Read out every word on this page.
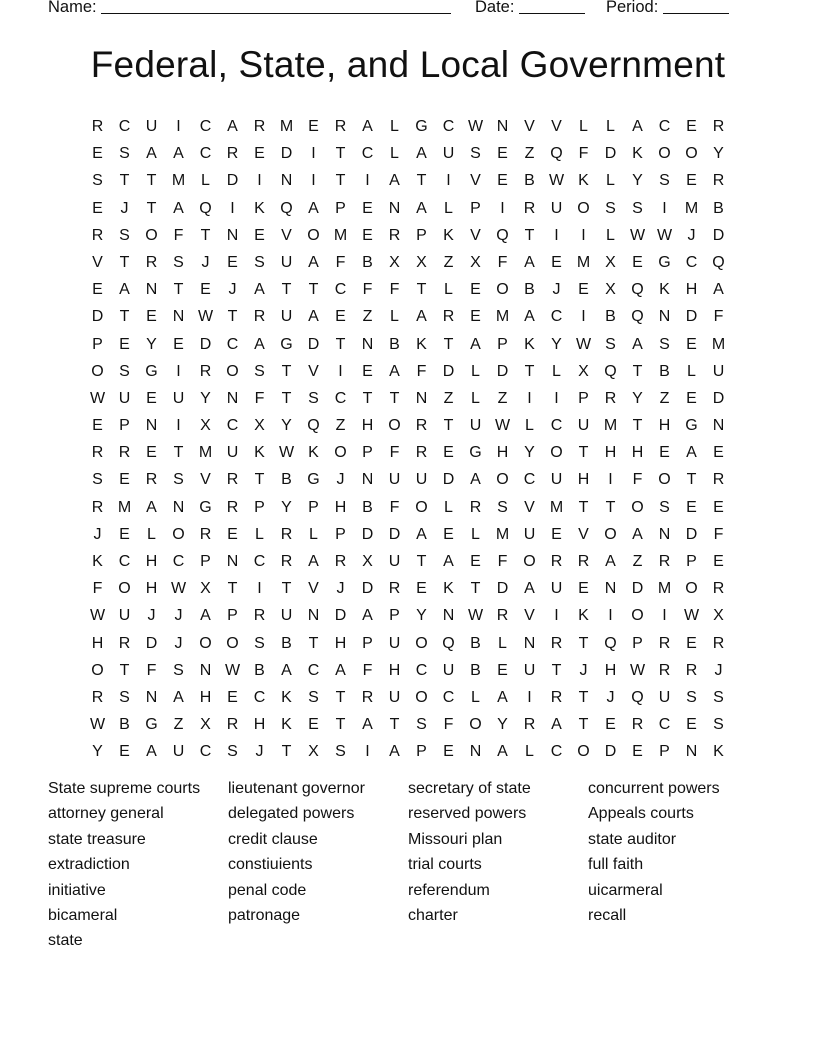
Name:	Date:	Period:
Federal, State, and Local Government
R C U	I	C A R M E R A	L	G C W N V	V	L	L	A C E R
E	S	A	A C R E D	I	T	C	L	A U S	E	Z Q F	D K O O Y
S	T	T M L	D	I	N	I	T	I	A	T	I	V	E	B W K	L	Y	S	E R
E	J	T	A Q	I	K Q A	P	E N A	L	P	I	R U O S	S	I	M B
R S O F	T	N E	V O M E R P	K	V Q T	I	I	L W W J	D
V	T	R S	J	E	S U A	F	B	X	X	Z	X	F	A	E M X	E G C Q
E	A N	T	E	J	A	T	T	C	F	F	T	L	E O B	J	E	X Q K H A
D	T	E N W T	R U A	E	Z	L	A R E M A C	I	B Q N D	F
P	E	Y	E D C A G D	T	N B	K	T	A	P	K	Y W S	A	S	E M
O S G	I	R O S	T	V	I	E	A	F	D	L	D	T	L	X Q T	B	L	U
W U E U Y N	F	T	S C	T	T	N	Z	L	Z	I	I	P R Y	Z	E D
E	P N	I	X C X	Y Q Z	H O R	T	U W L	C U M T	H G N
R R E	T M U K W K O P	F	R E G H Y O T	H H E	A	E
S	E R S	V R	T	B G	J	N U U D A O C U H	I	F O T	R
R M A N G R P	Y	P H B	F O	L	R S	V M T	T O S	E	E
J	E	L	O R E	L	R	L	P D D A	E	L M U E	V O A N D	F
K C H C P N C R A R X U	T	A	E	F O R R A	Z	R P	E
F O H W X	T	I	T	V	J	D R E	K	T	D A U E N D M O R
W U	J	J	A	P R U N D A	P	Y N W R V	I	K	I	O	I	W X
H R D	J	O O S	B	T	H P U O Q B	L	N R	T Q P R E R
O T	F	S N W B	A C A	F	H C U B	E U	T	J	H W R R	J
R S N A H E C K	S	T	R U O C	L	A	I	R	T	J	Q U S	S
W B G Z	X R H K	E	T	A	T	S	F O Y R A	T	E R C E	S
Y	E	A U C S	J	T	X	S	I	A	P	E N A	L	C O D E	P N K
State supreme courts	lieutenant governor	secretary of state	concurrent powers
attorney general	delegated powers	reserved powers	Appeals courts
state treasure	credit clause	Missouri plan	state auditor
extradiction	constiuients	trial courts	full faith
initiative	penal code	referendum	uicarmeral
bicameral	patronage	charter	recall
state
